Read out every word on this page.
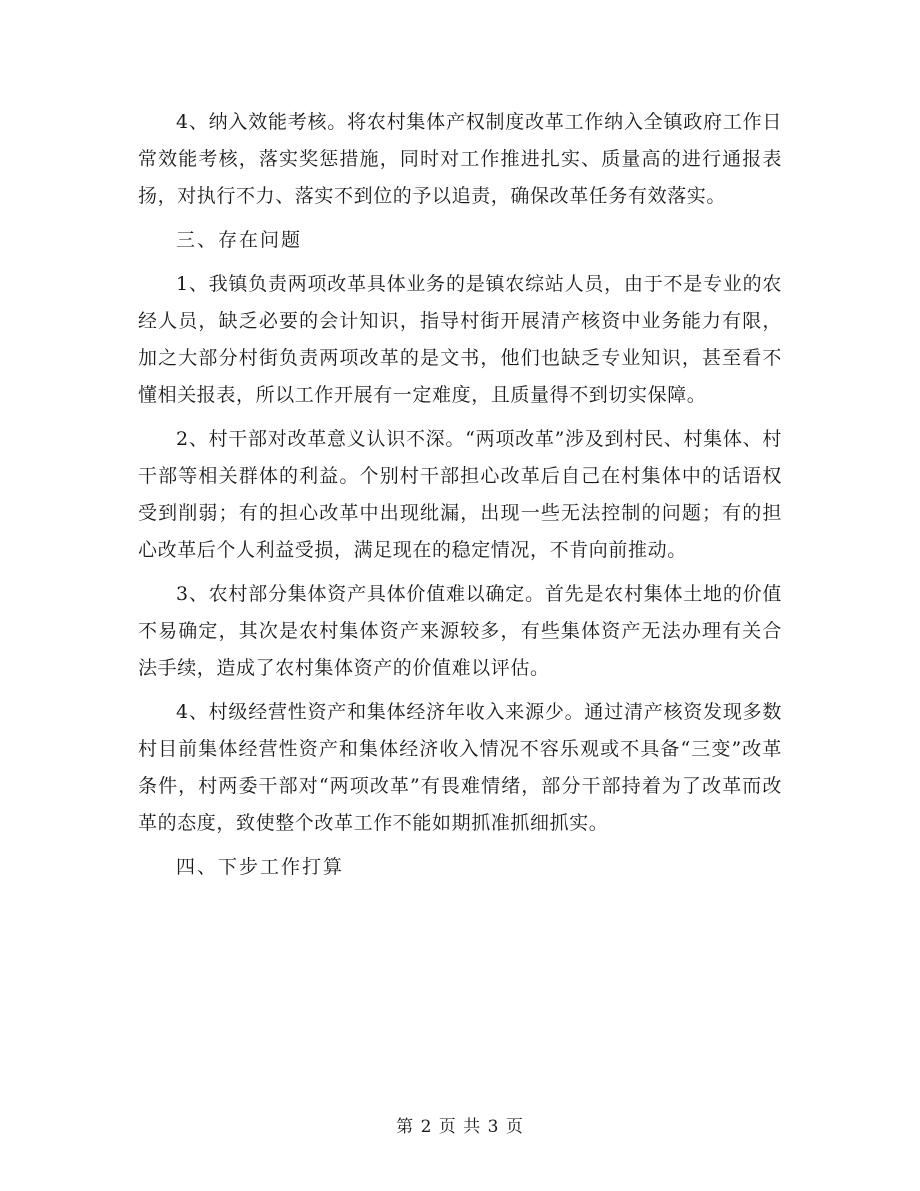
4、纳入效能考核。将农村集体产权制度改革工作纳入全镇政府工作日常效能考核，落实奖惩措施，同时对工作推进扎实、质量高的进行通报表扬，对执行不力、落实不到位的予以追责，确保改革任务有效落实。

三、存在问题

1、我镇负责两项改革具体业务的是镇农综站人员，由于不是专业的农经人员，缺乏必要的会计知识，指导村街开展清产核资中业务能力有限，加之大部分村街负责两项改革的是文书，他们也缺乏专业知识，甚至看不懂相关报表，所以工作开展有一定难度，且质量得不到切实保障。

2、村干部对改革意义认识不深。“两项改革”涉及到村民、村集体、村干部等相关群体的利益。个别村干部担心改革后自己在村集体中的话语权受到削弱；有的担心改革中出现纰漏，出现一些无法控制的问题；有的担心改革后个人利益受损，满足现在的稳定情况，不肯向前推动。

3、农村部分集体资产具体价值难以确定。首先是农村集体土地的价值不易确定，其次是农村集体资产来源较多，有些集体资产无法办理有关合法手续，造成了农村集体资产的价值难以评估。

4、村级经营性资产和集体经济年收入来源少。通过清产核资发现多数村目前集体经营性资产和集体经济收入情况不容乐观或不具备“三变”改革条件，村两委干部对“两项改革”有畏难情绪，部分干部持着为了改革而改革的态度，致使整个改革工作不能如期抓准抓细抓实。

四、下步工作打算

第 2 页 共 3 页
